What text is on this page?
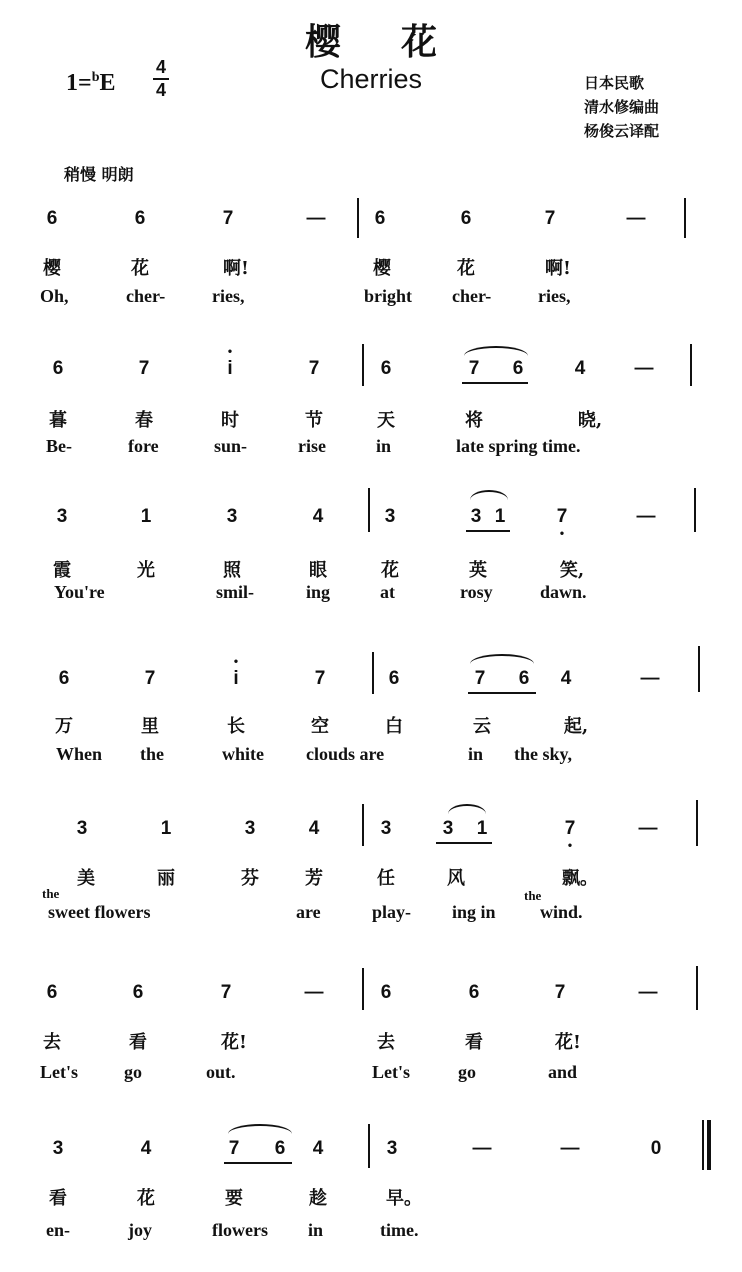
樱花
Cherries
1=$^b$E
4
4	日本民歌
清水修编曲
杨俊云译配
稍慢 明朗
6	6	7	—	6	6	7	—
樱	花	啊!	樱	花	啊!
Oh,	cher-	ries,	bright cher-	ries,
6	7	• i	7	6	7 6	4	—
暮	春	时	节	天	将	晓,
Be-	fore	sun-	rise	in	late spring time.
3	1	3	4	3	3 1	7 •	—
霞	光	照	眼	花	英	笑,
You're	smil-	ing	at	rosy	dawn.
6	7	• i	7	6	7 6 4	—
万	里	长	空	白	云	起,
When the	white clouds are	in the sky,
3	1	3	4	3	3 1	7 •	—
美	丽	芬	芳	任	风	飘。
the
sweet flowers	are	play- ing in
the
wind.
6	6	7	—	6	6	7	—
去	看	花!	去	看	花!
Let's	go	out.	Let's	go	and
3	4	7 6 4	3	—	—	0
看	花	要	趁	早。
en-	joy	flowers in	time.
